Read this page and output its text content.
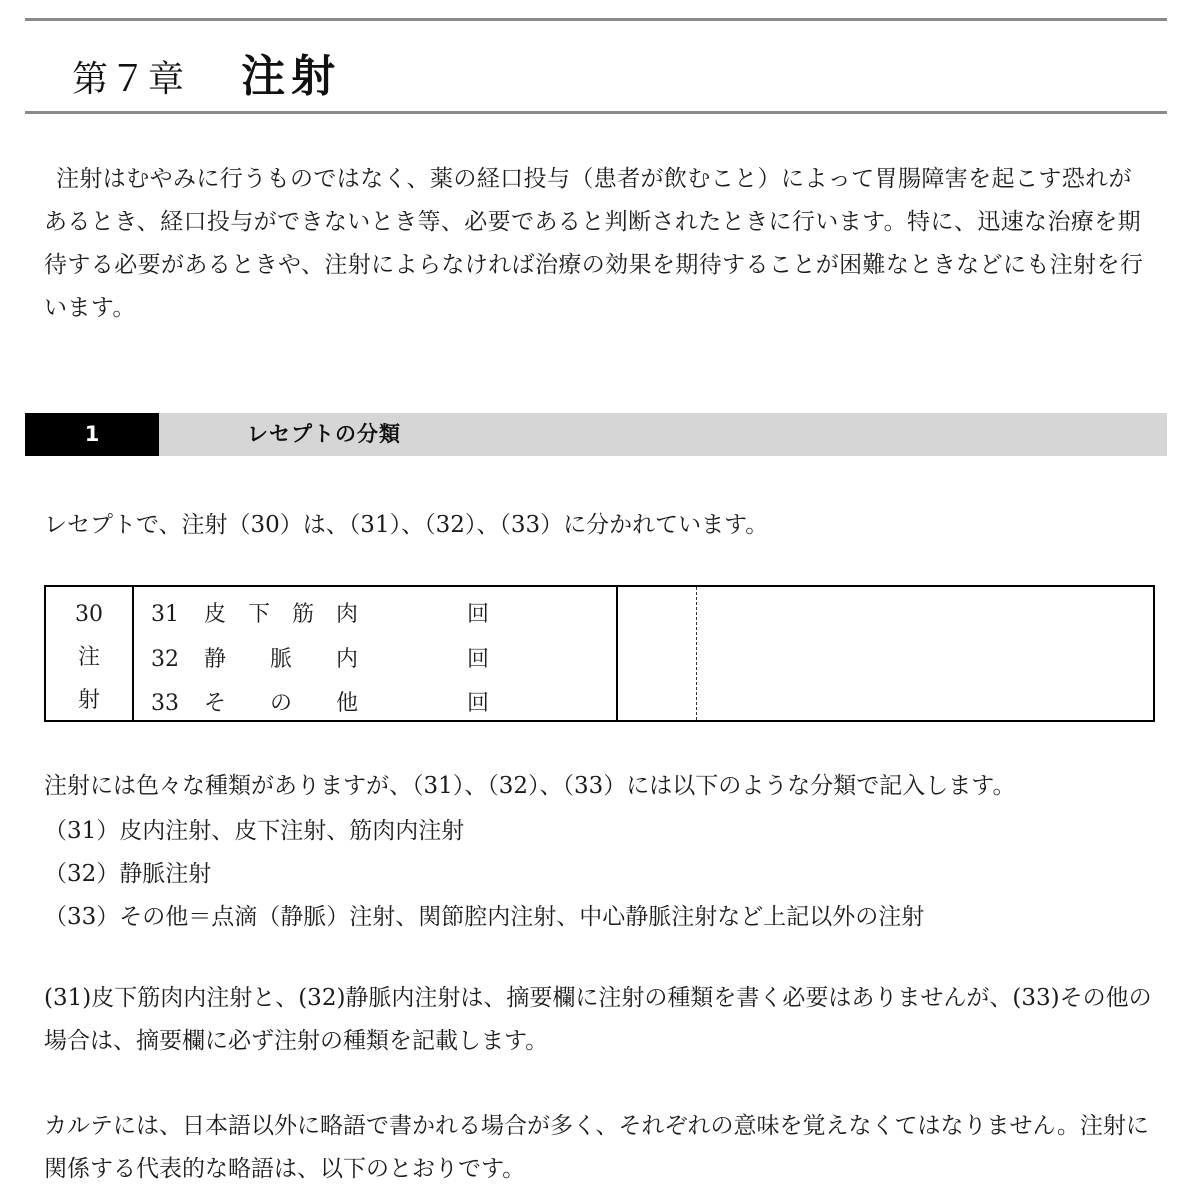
第７章 注射

注射はむやみに行うものではなく、薬の経口投与（患者が飲むこと）によって胃腸障害を起こす恐れがあるとき、経口投与ができないとき等、必要であると判断されたときに行います。特に、迅速な治療を期待する必要があるときや、注射によらなければ治療の効果を期待することが困難なときなどにも注射を行います。

1	レセプトの分類

レセプトで、注射（30）は、（31）、（32）、（33）に分かれています。

30
注
射
31 皮　下　筋　肉	回
32 静　　脈　　内	回
33 そ　　の　　他	回

注射には色々な種類がありますが、（31）、（32）、（33）には以下のような分類で記入します。

（31）皮内注射、皮下注射、筋肉内注射

（32）静脈注射

（33）その他＝点滴（静脈）注射、関節腔内注射、中心静脈注射など上記以外の注射

(31)皮下筋肉内注射と、(32)静脈内注射は、摘要欄に注射の種類を書く必要はありませんが、(33)その他の場合は、摘要欄に必ず注射の種類を記載します。

カルテには、日本語以外に略語で書かれる場合が多く、それぞれの意味を覚えなくてはなりません。注射に関係する代表的な略語は、以下のとおりです。
